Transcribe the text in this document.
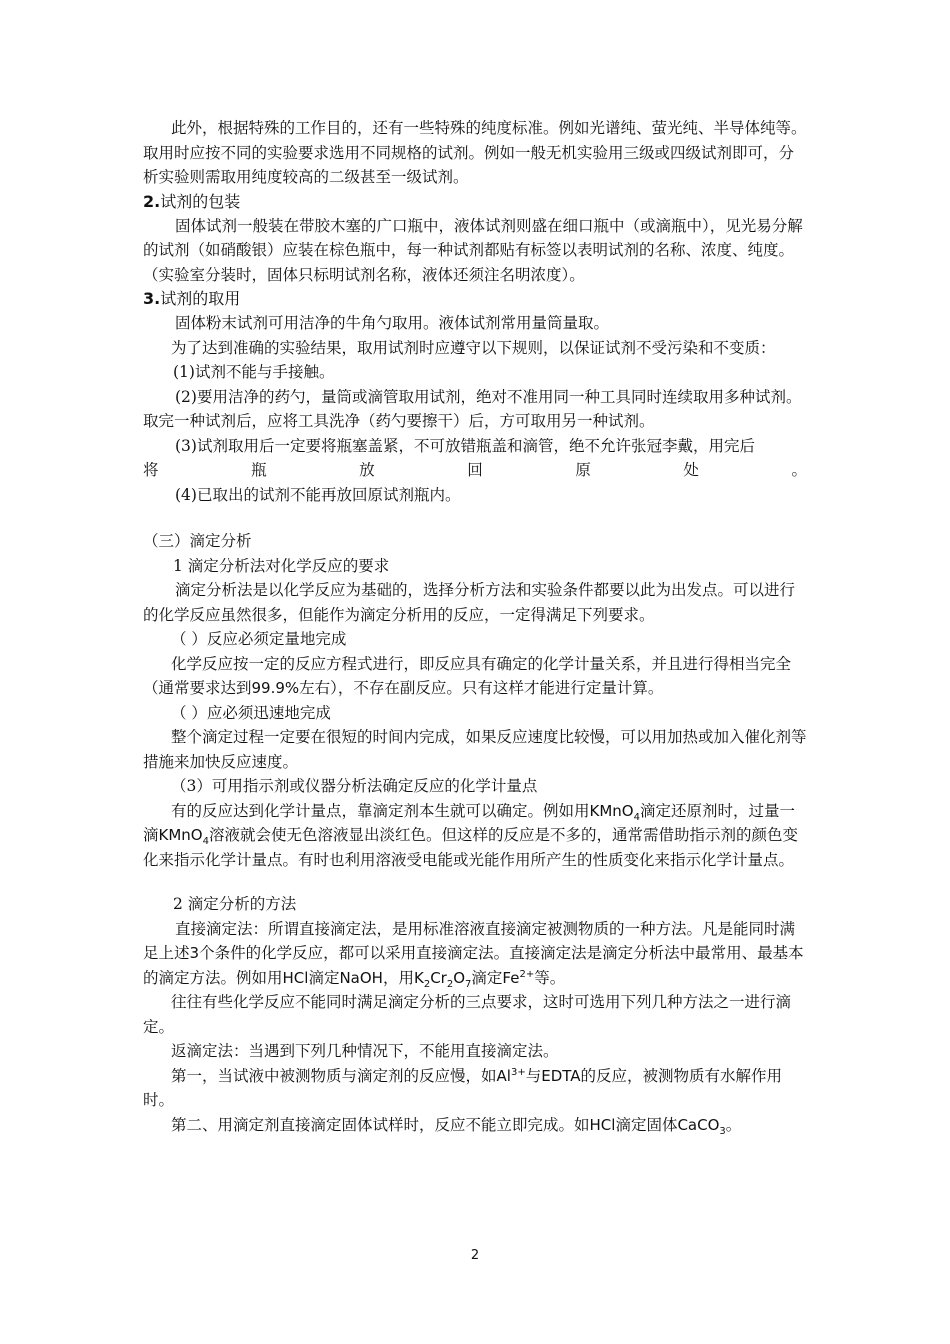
此外，根据特殊的工作目的，还有一些特殊的纯度标准。例如光谱纯、萤光纯、半导体纯等。取用时应按不同的实验要求选用不同规格的试剂。例如一般无机实验用三级或四级试剂即可，分析实验则需取用纯度较高的二级甚至一级试剂。

2.试剂的包装

固体试剂一般装在带胶木塞的广口瓶中，液体试剂则盛在细口瓶中（或滴瓶中），见光易分解的试剂（如硝酸银）应装在棕色瓶中，每一种试剂都贴有标签以表明试剂的名称、浓度、纯度。（实验室分装时，固体只标明试剂名称，液体还须注名明浓度）。

3.试剂的取用

固体粉末试剂可用洁净的牛角勺取用。液体试剂常用量筒量取。

为了达到准确的实验结果，取用试剂时应遵守以下规则，以保证试剂不受污染和不变质：

(1)试剂不能与手接触。

(2)要用洁净的药勺，量筒或滴管取用试剂，绝对不准用同一种工具同时连续取用多种试剂。取完一种试剂后，应将工具洗净（药勺要擦干）后，方可取用另一种试剂。

(3)试剂取用后一定要将瓶塞盖紧，不可放错瓶盖和滴管，绝不允许张冠李戴，用完后

将	瓶	放	回	原	处	。

(4)已取出的试剂不能再放回原试剂瓶内。

（三）滴定分析

1 滴定分析法对化学反应的要求

滴定分析法是以化学反应为基础的，选择分析方法和实验条件都要以此为出发点。可以进行的化学反应虽然很多，但能作为滴定分析用的反应，一定得满足下列要求。

（ ）反应必须定量地完成

化学反应按一定的反应方程式进行，即反应具有确定的化学计量关系，并且进行得相当完全（通常要求达到99.9%左右），不存在副反应。只有这样才能进行定量计算。

（ ）应必须迅速地完成

整个滴定过程一定要在很短的时间内完成，如果反应速度比较慢，可以用加热或加入催化剂等措施来加快反应速度。

（3）可用指示剂或仪器分析法确定反应的化学计量点

有的反应达到化学计量点，靠滴定剂本生就可以确定。例如用KMnO$_4$滴定还原剂时，过量一滴KMnO$_4$溶液就会使无色溶液显出淡红色。但这样的反应是不多的，通常需借助指示剂的颜色变化来指示化学计量点。有时也利用溶液受电能或光能作用所产生的性质变化来指示化学计量点。

2 滴定分析的方法

直接滴定法：所谓直接滴定法，是用标准溶液直接滴定被测物质的一种方法。凡是能同时满足上述3个条件的化学反应，都可以采用直接滴定法。直接滴定法是滴定分析法中最常用、最基本的滴定方法。例如用HCl滴定NaOH，用$K_2Cr_2O_7$滴定$Fe^{2+}$等。

往往有些化学反应不能同时满足滴定分析的三点要求，这时可选用下列几种方法之一进行滴定。

返滴定法：当遇到下列几种情况下，不能用直接滴定法。

第一，当试液中被测物质与滴定剂的反应慢，如$Al^{3+}$与EDTA的反应，被测物质有水解作用时。

第二、用滴定剂直接滴定固体试样时，反应不能立即完成。如HCl滴定固体CaCO$_3$。

2
